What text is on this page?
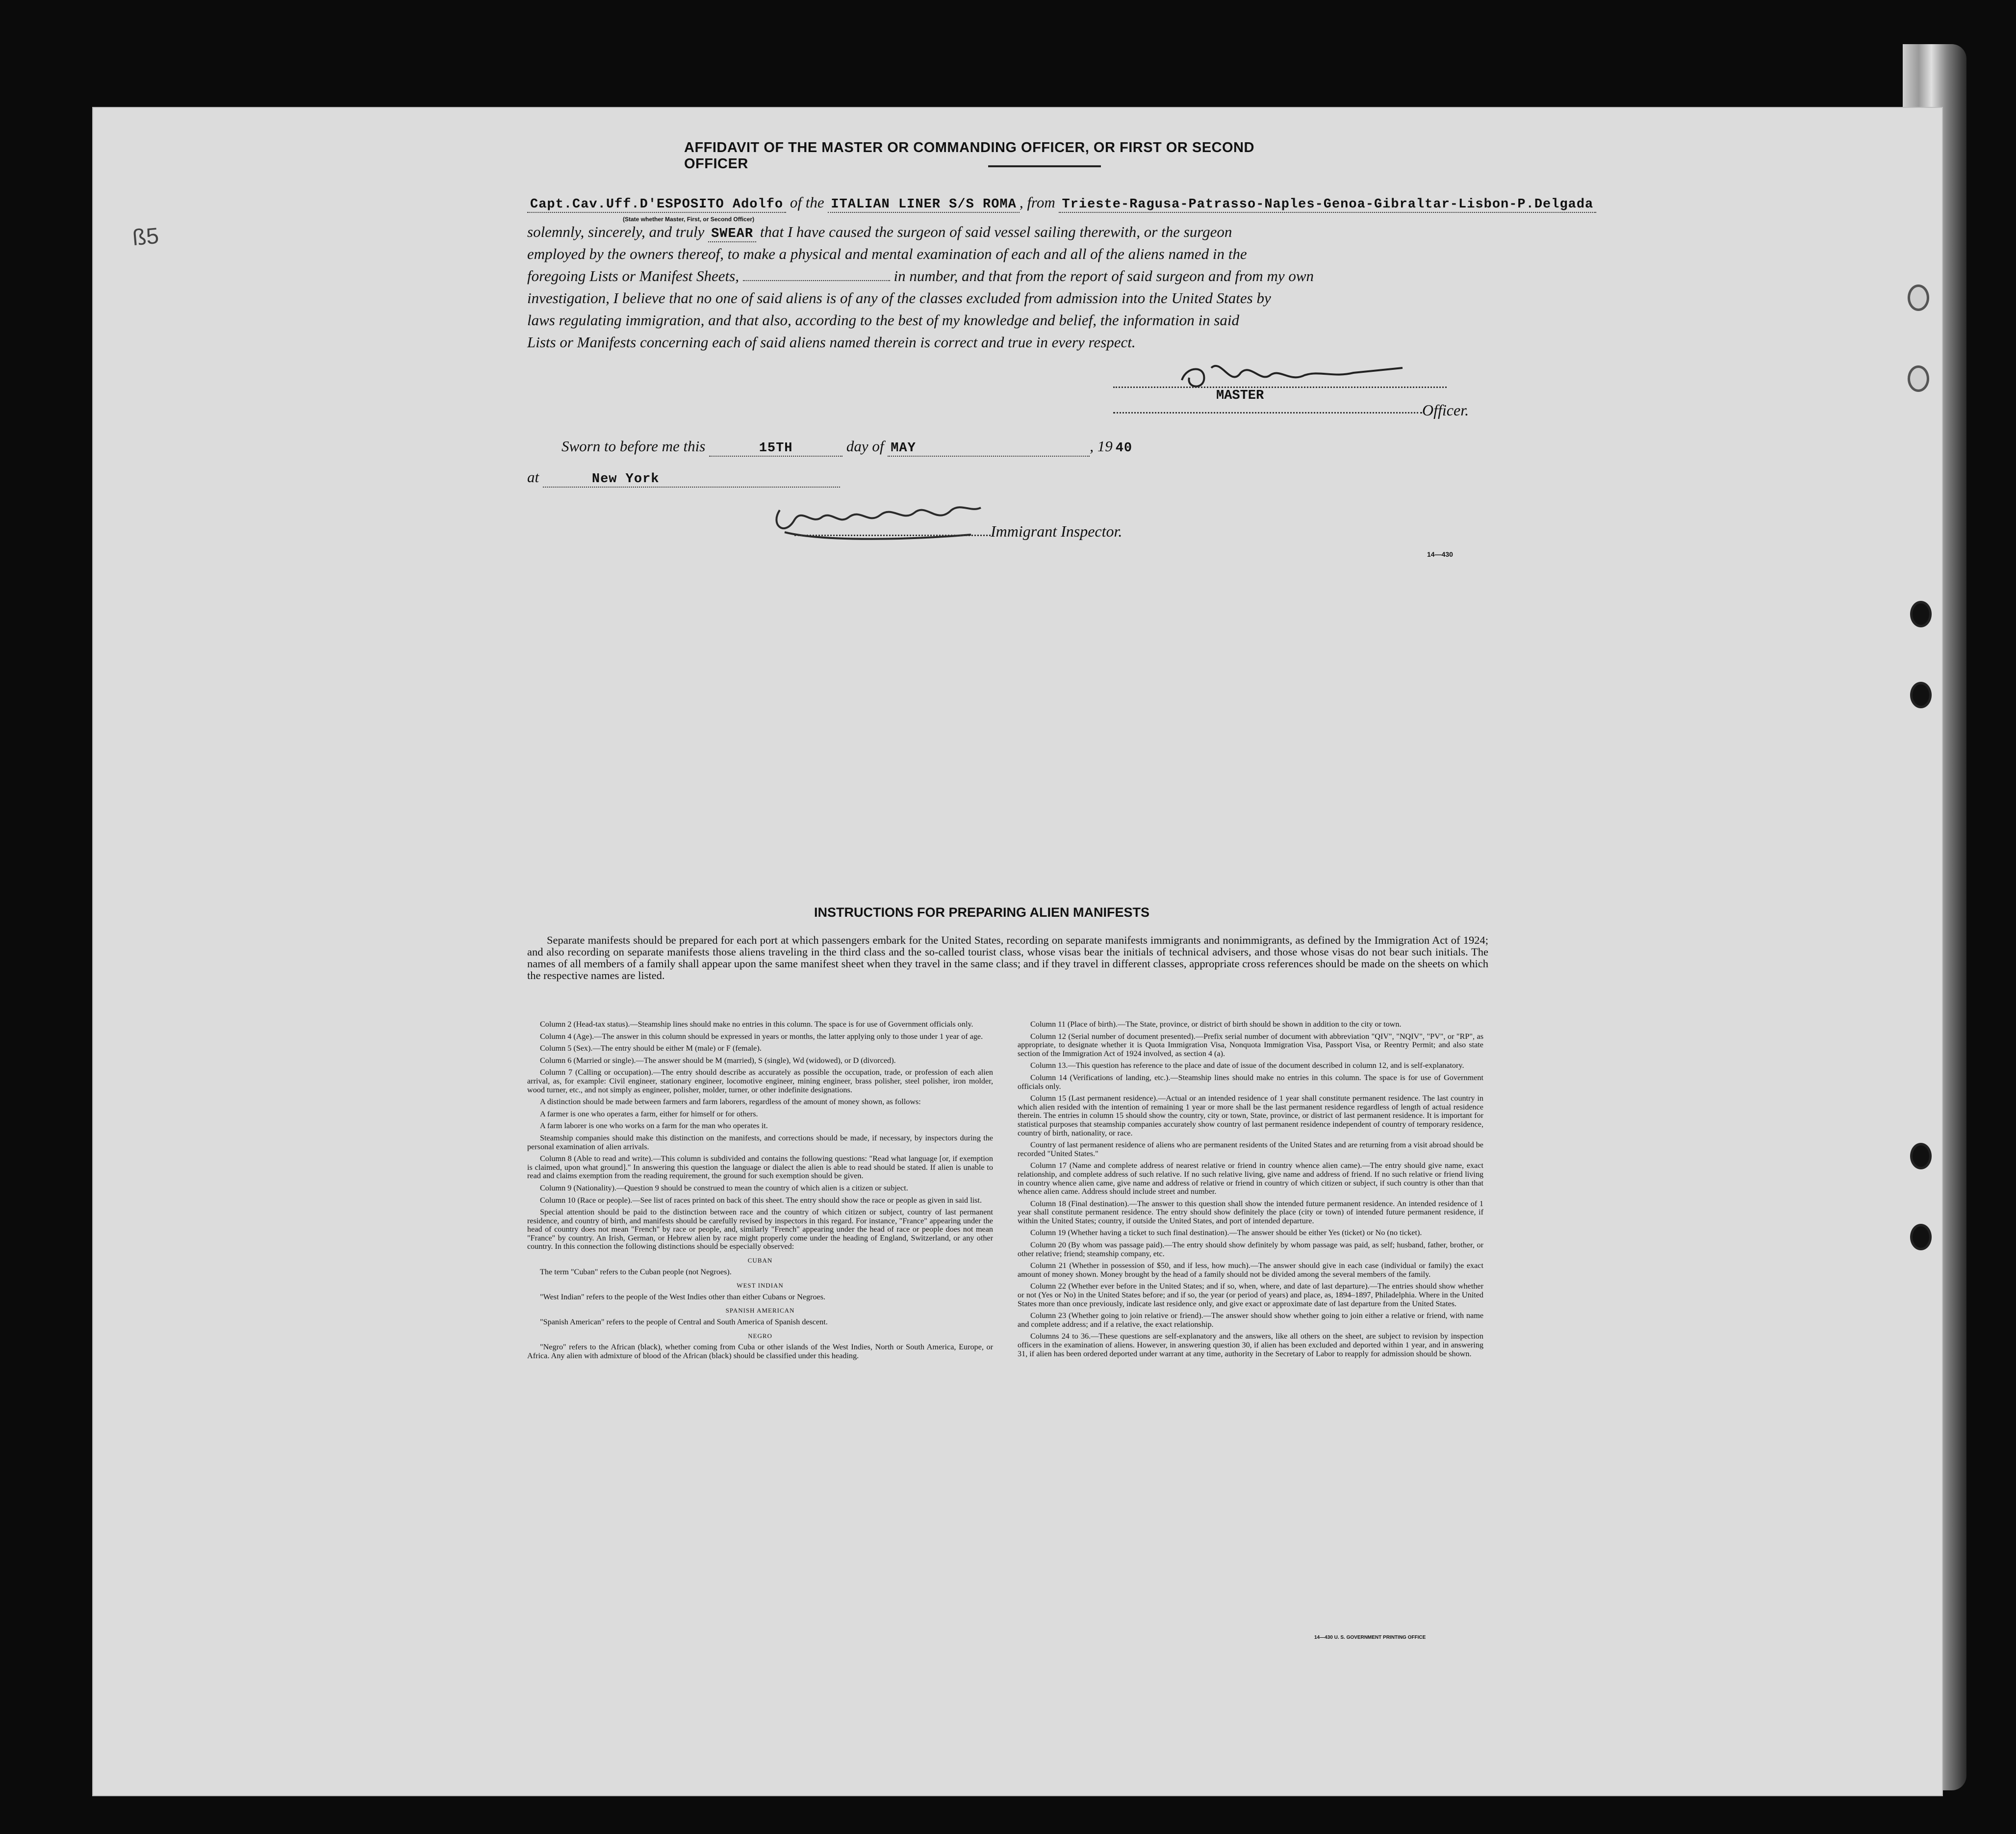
ß5
AFFIDAVIT OF THE MASTER OR COMMANDING OFFICER, OR FIRST OR SECOND OFFICER
Capt.Cav.Uff.D'ESPOSITO Adolfo of the ITALIAN LINER S/S ROMA , from Trieste-Ragusa-Patrasso-Naples-Genoa-Gibraltar-Lisbon-P.Delgada
(State whether Master, First, or Second Officer)
solemnly, sincerely, and truly SWEAR that I have caused the surgeon of said vessel sailing therewith, or the surgeon
employed by the owners thereof, to make a physical and mental examination of each and all of the aliens named in the
foregoing Lists or Manifest Sheets,	in number, and that from the report of said surgeon and from my own
investigation, I believe that no one of said aliens is of any of the classes excluded from admission into the United States by
laws regulating immigration, and that also, according to the best of my knowledge and belief, the information in said
Lists or Manifests concerning each of said aliens named therein is correct and true in every respect.
MASTER
Officer.
Sworn to before me this	15TH	day of MAY	, 19 40
at	New York
Immigrant Inspector.
14—430
INSTRUCTIONS FOR PREPARING ALIEN MANIFESTS
Separate manifests should be prepared for each port at which passengers embark for the United States, recording on separate manifests immigrants and nonimmigrants, as defined by the Immigration Act of 1924; and also recording on separate manifests those aliens traveling in the third class and the so-called tourist class, whose visas bear the initials of technical advisers, and those whose visas do not bear such initials. The names of all members of a family shall appear upon the same manifest sheet when they travel in the same class; and if they travel in different classes, appropriate cross references should be made on the sheets on which the respective names are listed.

Column 2 (Head-tax status).—Steamship lines should make no entries in this column. The space is for use of Government officials only.

Column 4 (Age).—The answer in this column should be expressed in years or months, the latter applying only to those under 1 year of age.

Column 5 (Sex).—The entry should be either M (male) or F (female).

Column 6 (Married or single).—The answer should be M (married), S (single), Wd (widowed), or D (divorced).

Column 7 (Calling or occupation).—The entry should describe as accurately as possible the occupation, trade, or profession of each alien arrival, as, for example: Civil engineer, stationary engineer, locomotive engineer, mining engineer, brass polisher, steel polisher, iron molder, wood turner, etc., and not simply as engineer, polisher, molder, turner, or other indefinite designations.

A distinction should be made between farmers and farm laborers, regardless of the amount of money shown, as follows:

A farmer is one who operates a farm, either for himself or for others.

A farm laborer is one who works on a farm for the man who operates it.

Steamship companies should make this distinction on the manifests, and corrections should be made, if necessary, by inspectors during the personal examination of alien arrivals.

Column 8 (Able to read and write).—This column is subdivided and contains the following questions: "Read what language [or, if exemption is claimed, upon what ground]." In answering this question the language or dialect the alien is able to read should be stated. If alien is unable to read and claims exemption from the reading requirement, the ground for such exemption should be given.

Column 9 (Nationality).—Question 9 should be construed to mean the country of which alien is a citizen or subject.

Column 10 (Race or people).—See list of races printed on back of this sheet. The entry should show the race or people as given in said list.

Special attention should be paid to the distinction between race and the country of which citizen or subject, country of last permanent residence, and country of birth, and manifests should be carefully revised by inspectors in this regard. For instance, "France" appearing under the head of country does not mean "French" by race or people, and, similarly "French" appearing under the head of race or people does not mean "France" by country. An Irish, German, or Hebrew alien by race might properly come under the heading of England, Switzerland, or any other country. In this connection the following distinctions should be especially observed:

CUBAN

The term "Cuban" refers to the Cuban people (not Negroes).

WEST INDIAN

"West Indian" refers to the people of the West Indies other than either Cubans or Negroes.

SPANISH AMERICAN

"Spanish American" refers to the people of Central and South America of Spanish descent.

NEGRO

"Negro" refers to the African (black), whether coming from Cuba or other islands of the West Indies, North or South America, Europe, or Africa. Any alien with admixture of blood of the African (black) should be classified under this heading.

Column 11 (Place of birth).—The State, province, or district of birth should be shown in addition to the city or town.

Column 12 (Serial number of document presented).—Prefix serial number of document with abbreviation "QIV", "NQIV", "PV", or "RP", as appropriate, to designate whether it is Quota Immigration Visa, Nonquota Immigration Visa, Passport Visa, or Reentry Permit; and also state section of the Immigration Act of 1924 involved, as section 4 (a).

Column 13.—This question has reference to the place and date of issue of the document described in column 12, and is self-explanatory.

Column 14 (Verifications of landing, etc.).—Steamship lines should make no entries in this column. The space is for use of Government officials only.

Column 15 (Last permanent residence).—Actual or an intended residence of 1 year shall constitute permanent residence. The last country in which alien resided with the intention of remaining 1 year or more shall be the last permanent residence regardless of length of actual residence therein. The entries in column 15 should show the country, city or town, State, province, or district of last permanent residence. It is important for statistical purposes that steamship companies accurately show country of last permanent residence independent of country of temporary residence, country of birth, nationality, or race.

Country of last permanent residence of aliens who are permanent residents of the United States and are returning from a visit abroad should be recorded "United States."

Column 17 (Name and complete address of nearest relative or friend in country whence alien came).—The entry should give name, exact relationship, and complete address of such relative. If no such relative living, give name and address of friend. If no such relative or friend living in country whence alien came, give name and address of relative or friend in country of which citizen or subject, if such country is other than that whence alien came. Address should include street and number.

Column 18 (Final destination).—The answer to this question shall show the intended future permanent residence. An intended residence of 1 year shall constitute permanent residence. The entry should show definitely the place (city or town) of intended future permanent residence, if within the United States; country, if outside the United States, and port of intended departure.

Column 19 (Whether having a ticket to such final destination).—The answer should be either Yes (ticket) or No (no ticket).

Column 20 (By whom was passage paid).—The entry should show definitely by whom passage was paid, as self; husband, father, brother, or other relative; friend; steamship company, etc.

Column 21 (Whether in possession of $50, and if less, how much).—The answer should give in each case (individual or family) the exact amount of money shown. Money brought by the head of a family should not be divided among the several members of the family.

Column 22 (Whether ever before in the United States; and if so, when, where, and date of last departure).—The entries should show whether or not (Yes or No) in the United States before; and if so, the year (or period of years) and place, as, 1894–1897, Philadelphia. Where in the United States more than once previously, indicate last residence only, and give exact or approximate date of last departure from the United States.

Column 23 (Whether going to join relative or friend).—The answer should show whether going to join either a relative or friend, with name and complete address; and if a relative, the exact relationship.

Columns 24 to 36.—These questions are self-explanatory and the answers, like all others on the sheet, are subject to revision by inspection officers in the examination of aliens. However, in answering question 30, if alien has been excluded and deported within 1 year, and in answering 31, if alien has been ordered deported under warrant at any time, authority in the Secretary of Labor to reapply for admission should be shown.

14—430 U. S. GOVERNMENT PRINTING OFFICE
